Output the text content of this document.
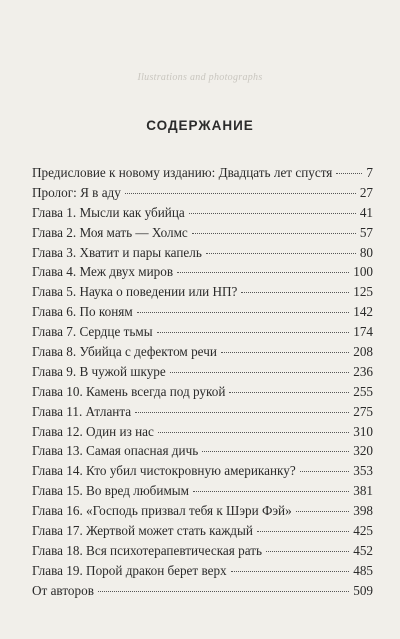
Ilustrations and photographs
СОДЕРЖАНИЕ
Предисловие к новому изданию: Двадцать лет спустя	7
Пролог: Я в аду	27
Глава 1. Мысли как убийца	41
Глава 2. Моя мать — Холмс	57
Глава 3. Хватит и пары капель	80
Глава 4. Меж двух миров	100
Глава 5. Наука о поведении или НП?	125
Глава 6. По коням	142
Глава 7. Сердце тьмы	174
Глава 8. Убийца с дефектом речи	208
Глава 9. В чужой шкуре	236
Глава 10. Камень всегда под рукой	255
Глава 11. Атланта	275
Глава 12. Один из нас	310
Глава 13. Самая опасная дичь	320
Глава 14. Кто убил чистокровную американку?	353
Глава 15. Во вред любимым	381
Глава 16. «Господь призвал тебя к Шэри Фэй»	398
Глава 17. Жертвой может стать каждый	425
Глава 18. Вся психотерапевтическая рать	452
Глава 19. Порой дракон берет верх	485
От авторов	509
